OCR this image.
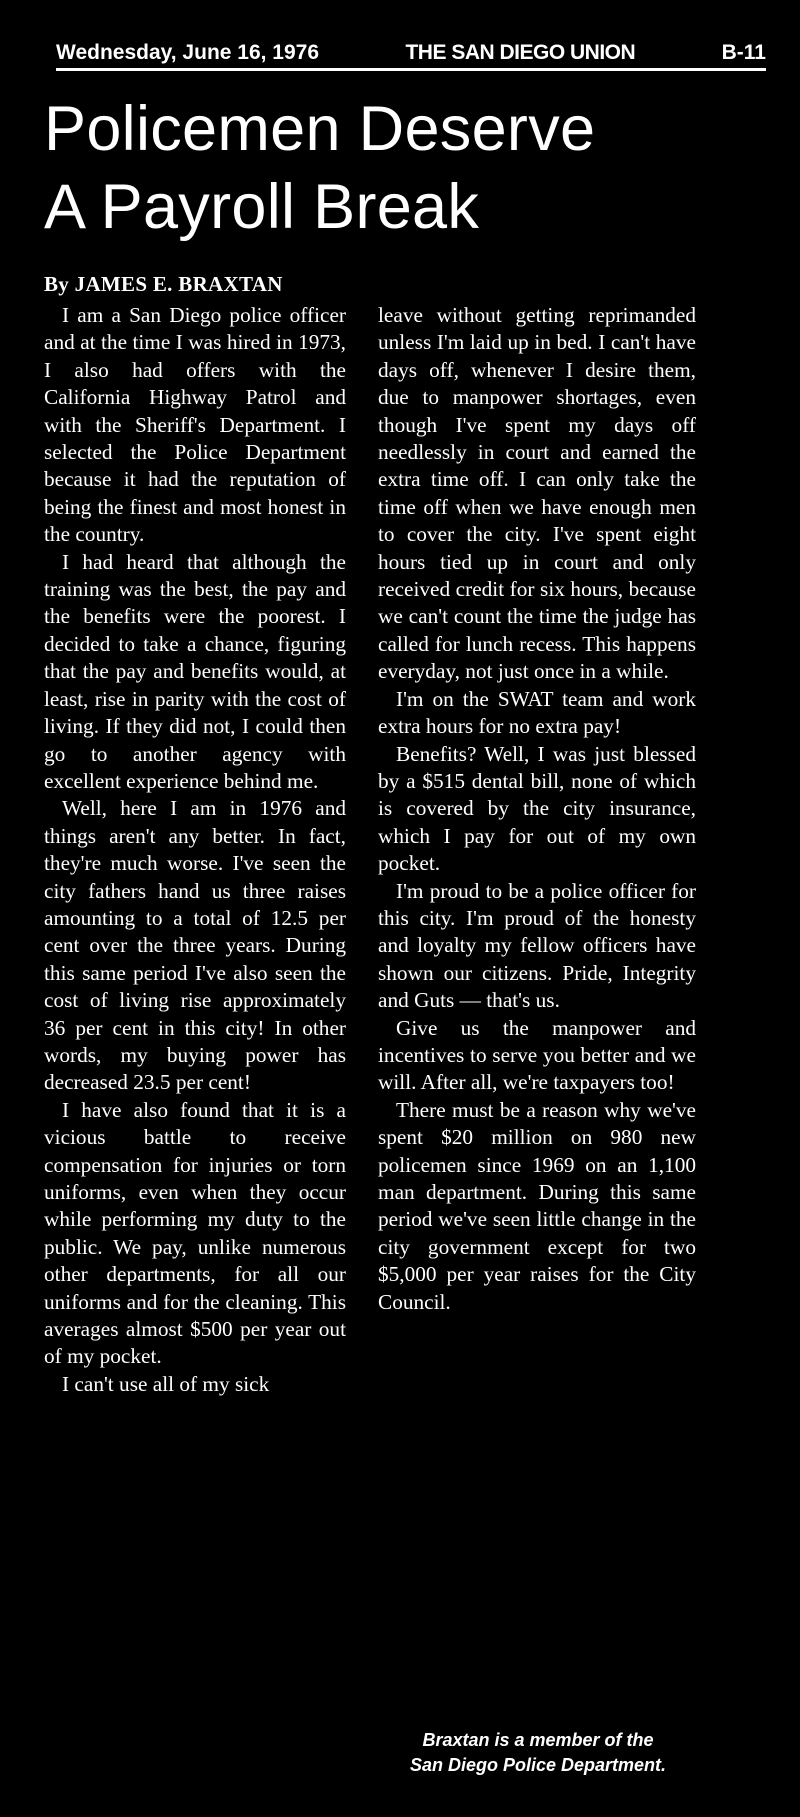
Wednesday, June 16, 1976	THE SAN DIEGO UNION	B-11
Policemen Deserve
A Payroll Break
By JAMES E. BRAXTAN

I am a San Diego police officer and at the time I was hired in 1973, I also had offers with the California Highway Patrol and with the Sheriff's Department. I selected the Police Department because it had the reputation of being the finest and most honest in the country.

I had heard that although the training was the best, the pay and the benefits were the poorest. I decided to take a chance, figuring that the pay and benefits would, at least, rise in parity with the cost of living. If they did not, I could then go to another agency with excellent experience behind me.

Well, here I am in 1976 and things aren't any better. In fact, they're much worse. I've seen the city fathers hand us three raises amounting to a total of 12.5 per cent over the three years. During this same period I've also seen the cost of living rise approximately 36 per cent in this city! In other words, my buying power has decreased 23.5 per cent!

I have also found that it is a vicious battle to receive compensation for injuries or torn uniforms, even when they occur while performing my duty to the public. We pay, unlike numerous other departments, for all our uniforms and for the cleaning. This averages almost $500 per year out of my pocket.

I can't use all of my sick

leave without getting reprimanded unless I'm laid up in bed. I can't have days off, whenever I desire them, due to manpower shortages, even though I've spent my days off needlessly in court and earned the extra time off. I can only take the time off when we have enough men to cover the city. I've spent eight hours tied up in court and only received credit for six hours, because we can't count the time the judge has called for lunch recess. This happens everyday, not just once in a while.

I'm on the SWAT team and work extra hours for no extra pay!

Benefits? Well, I was just blessed by a $515 dental bill, none of which is covered by the city insurance, which I pay for out of my own pocket.

I'm proud to be a police officer for this city. I'm proud of the honesty and loyalty my fellow officers have shown our citizens. Pride, Integrity and Guts — that's us.

Give us the manpower and incentives to serve you better and we will. After all, we're taxpayers too!

There must be a reason why we've spent $20 million on 980 new policemen since 1969 on an 1,100 man department. During this same period we've seen little change in the city government except for two $5,000 per year raises for the City Council.

Braxtan is a member of the
San Diego Police Department.
